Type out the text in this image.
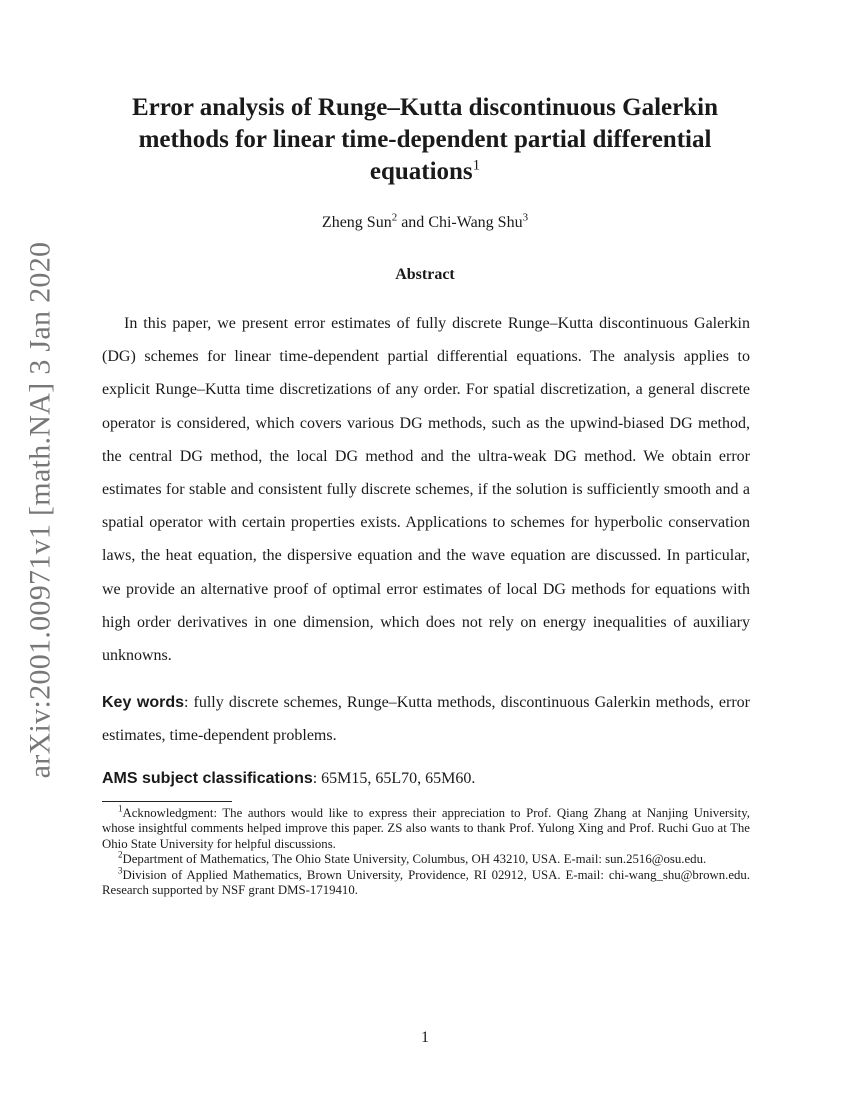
arXiv:2001.00971v1 [math.NA] 3 Jan 2020
Error analysis of Runge–Kutta discontinuous Galerkin methods for linear time-dependent partial differential equations$^1$
Zheng Sun$^2$ and Chi-Wang Shu$^3$
Abstract

In this paper, we present error estimates of fully discrete Runge–Kutta discontinuous Galerkin (DG) schemes for linear time-dependent partial differential equations. The analysis applies to explicit Runge–Kutta time discretizations of any order. For spatial discretization, a general discrete operator is considered, which covers various DG methods, such as the upwind-biased DG method, the central DG method, the local DG method and the ultra-weak DG method. We obtain error estimates for stable and consistent fully discrete schemes, if the solution is sufficiently smooth and a spatial operator with certain properties exists. Applications to schemes for hyperbolic conservation laws, the heat equation, the dispersive equation and the wave equation are discussed. In particular, we provide an alternative proof of optimal error estimates of local DG methods for equations with high order derivatives in one dimension, which does not rely on energy inequalities of auxiliary unknowns.

Key words: fully discrete schemes, Runge–Kutta methods, discontinuous Galerkin methods, error estimates, time-dependent problems.

AMS subject classifications: 65M15, 65L70, 65M60.

$^1$Acknowledgment: The authors would like to express their appreciation to Prof. Qiang Zhang at Nanjing University, whose insightful comments helped improve this paper. ZS also wants to thank Prof. Yulong Xing and Prof. Ruchi Guo at The Ohio State University for helpful discussions.

$^2$Department of Mathematics, The Ohio State University, Columbus, OH 43210, USA. E-mail: sun.2516@osu.edu.

$^3$Division of Applied Mathematics, Brown University, Providence, RI 02912, USA. E-mail: chi-wang_shu@brown.edu. Research supported by NSF grant DMS-1719410.

1
